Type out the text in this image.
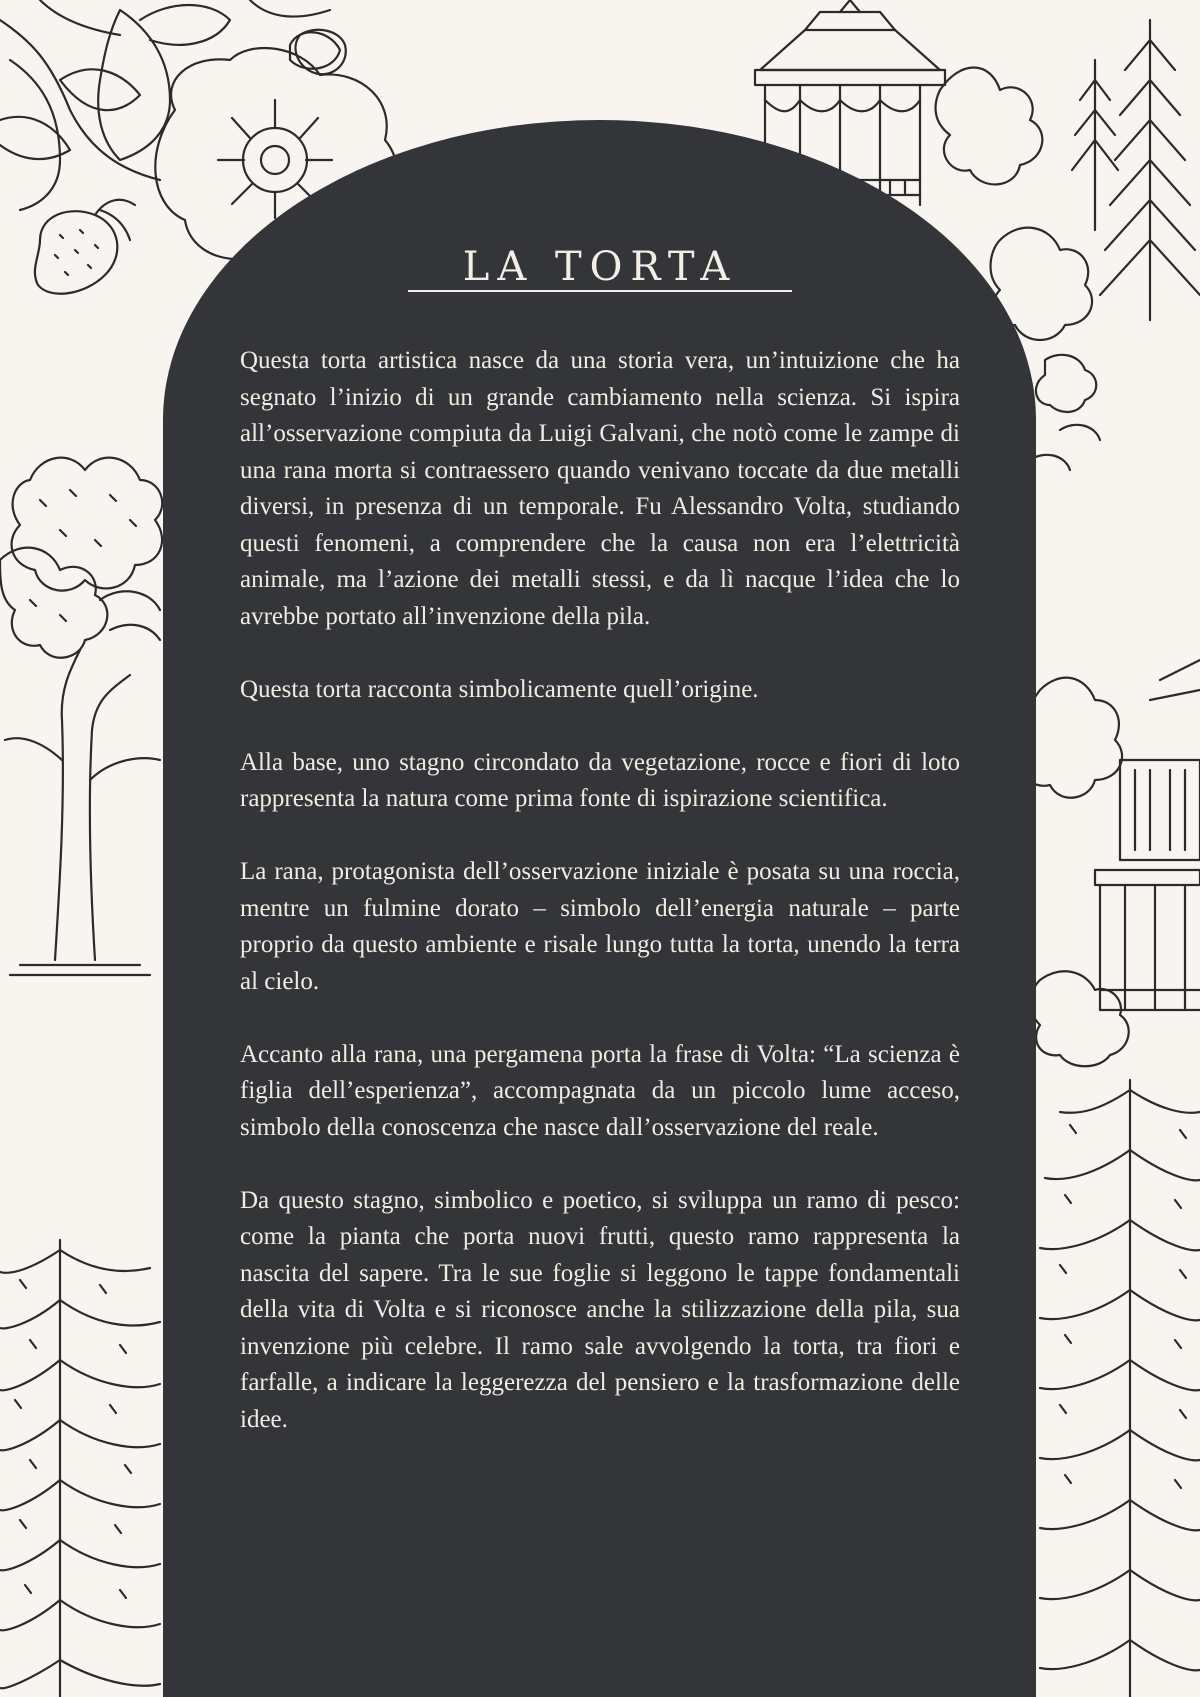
LA TORTA

Questa torta artistica nasce da una storia vera, un’intuizione che ha segnato l’inizio di un grande cambiamento nella scienza. Si ispira all’osservazione compiuta da Luigi Galvani, che notò come le zampe di una rana morta si contraessero quando venivano toccate da due metalli diversi, in presenza di un temporale. Fu Alessandro Volta, studiando questi fenomeni, a comprendere che la causa non era l’elettricità animale, ma l’azione dei metalli stessi, e da lì nacque l’idea che lo avrebbe portato all’invenzione della pila.

Questa torta racconta simbolicamente quell’origine.

Alla base, uno stagno circondato da vegetazione, rocce e fiori di loto rappresenta la natura come prima fonte di ispirazione scientifica.

La rana, protagonista dell’osservazione iniziale è posata su una roccia, mentre un fulmine dorato – simbolo dell’energia naturale – parte proprio da questo ambiente e risale lungo tutta la torta, unendo la terra al cielo.

Accanto alla rana, una pergamena porta la frase di Volta: “La scienza è figlia dell’esperienza”, accompagnata da un piccolo lume acceso, simbolo della conoscenza che nasce dall’osservazione del reale.

Da questo stagno, simbolico e poetico, si sviluppa un ramo di pesco: come la pianta che porta nuovi frutti, questo ramo rappresenta la nascita del sapere. Tra le sue foglie si leggono le tappe fondamentali della vita di Volta e si riconosce anche la stilizzazione della pila, sua invenzione più celebre. Il ramo sale avvolgendo la torta, tra fiori e farfalle, a indicare la leggerezza del pensiero e la trasformazione delle idee.
